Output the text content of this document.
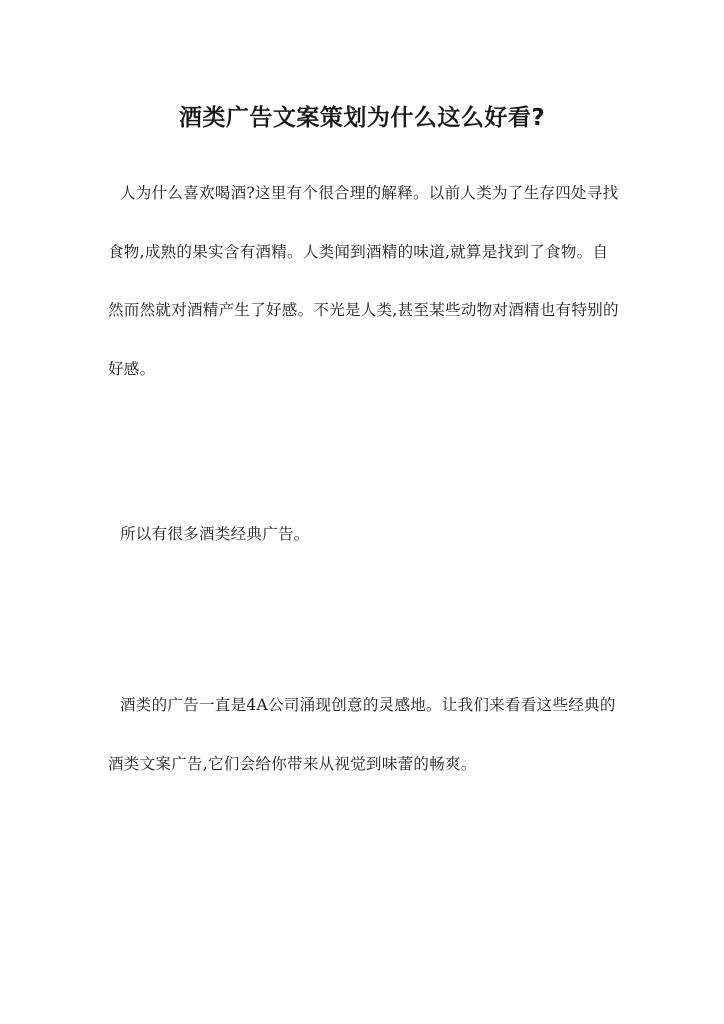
酒类广告文案策划为什么这么好看?

人为什么喜欢喝酒?这里有个很合理的解释。以前人类为了生存四处寻找食物,成熟的果实含有酒精。人类闻到酒精的味道,就算是找到了食物。自然而然就对酒精产生了好感。不光是人类,甚至某些动物对酒精也有特别的好感。

所以有很多酒类经典广告。

酒类的广告一直是4A公司涌现创意的灵感地。让我们来看看这些经典的酒类文案广告,它们会给你带来从视觉到味蕾的畅爽。
